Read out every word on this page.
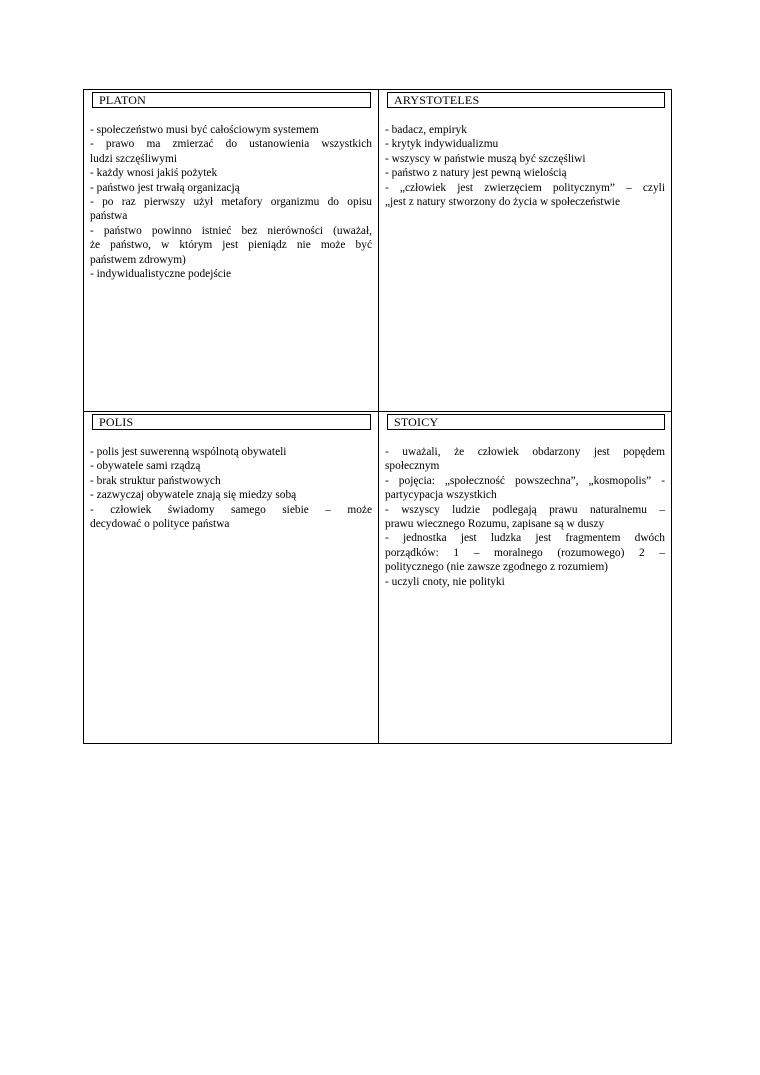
PLATON
- społeczeństwo musi być całościowym systemem
- prawo ma zmierzać do ustanowienia wszystkich
ludzi szczęśliwymi
- każdy wnosi jakiś pożytek
- państwo jest trwałą organizacją
- po raz pierwszy użył metafory organizmu do opisu
państwa
- państwo powinno istnieć bez nierówności (uważał,
że państwo, w którym jest pieniądz nie może być
państwem zdrowym)
- indywidualistyczne podejście
ARYSTOTELES
- badacz, empiryk
- krytyk indywidualizmu
- wszyscy w państwie muszą być szczęśliwi
- państwo z natury jest pewną wielością
- „człowiek jest zwierzęciem politycznym” – czyli
„jest z natury stworzony do życia w społeczeństwie
POLIS
- polis jest suwerenną wspólnotą obywateli
- obywatele sami rządzą
- brak struktur państwowych
- zazwyczaj obywatele znają się miedzy sobą
- człowiek świadomy samego siebie – może
decydować o polityce państwa
STOICY
- uważali, że człowiek obdarzony jest popędem
społecznym
- pojęcia: „społeczność powszechna”, „kosmopolis” -
partycypacja wszystkich
- wszyscy ludzie podlegają prawu naturalnemu –
prawu wiecznego Rozumu, zapisane są w duszy
- jednostka jest ludzka jest fragmentem dwóch
porządków: 1 – moralnego (rozumowego) 2 –
politycznego (nie zawsze zgodnego z rozumiem)
- uczyli cnoty, nie polityki
